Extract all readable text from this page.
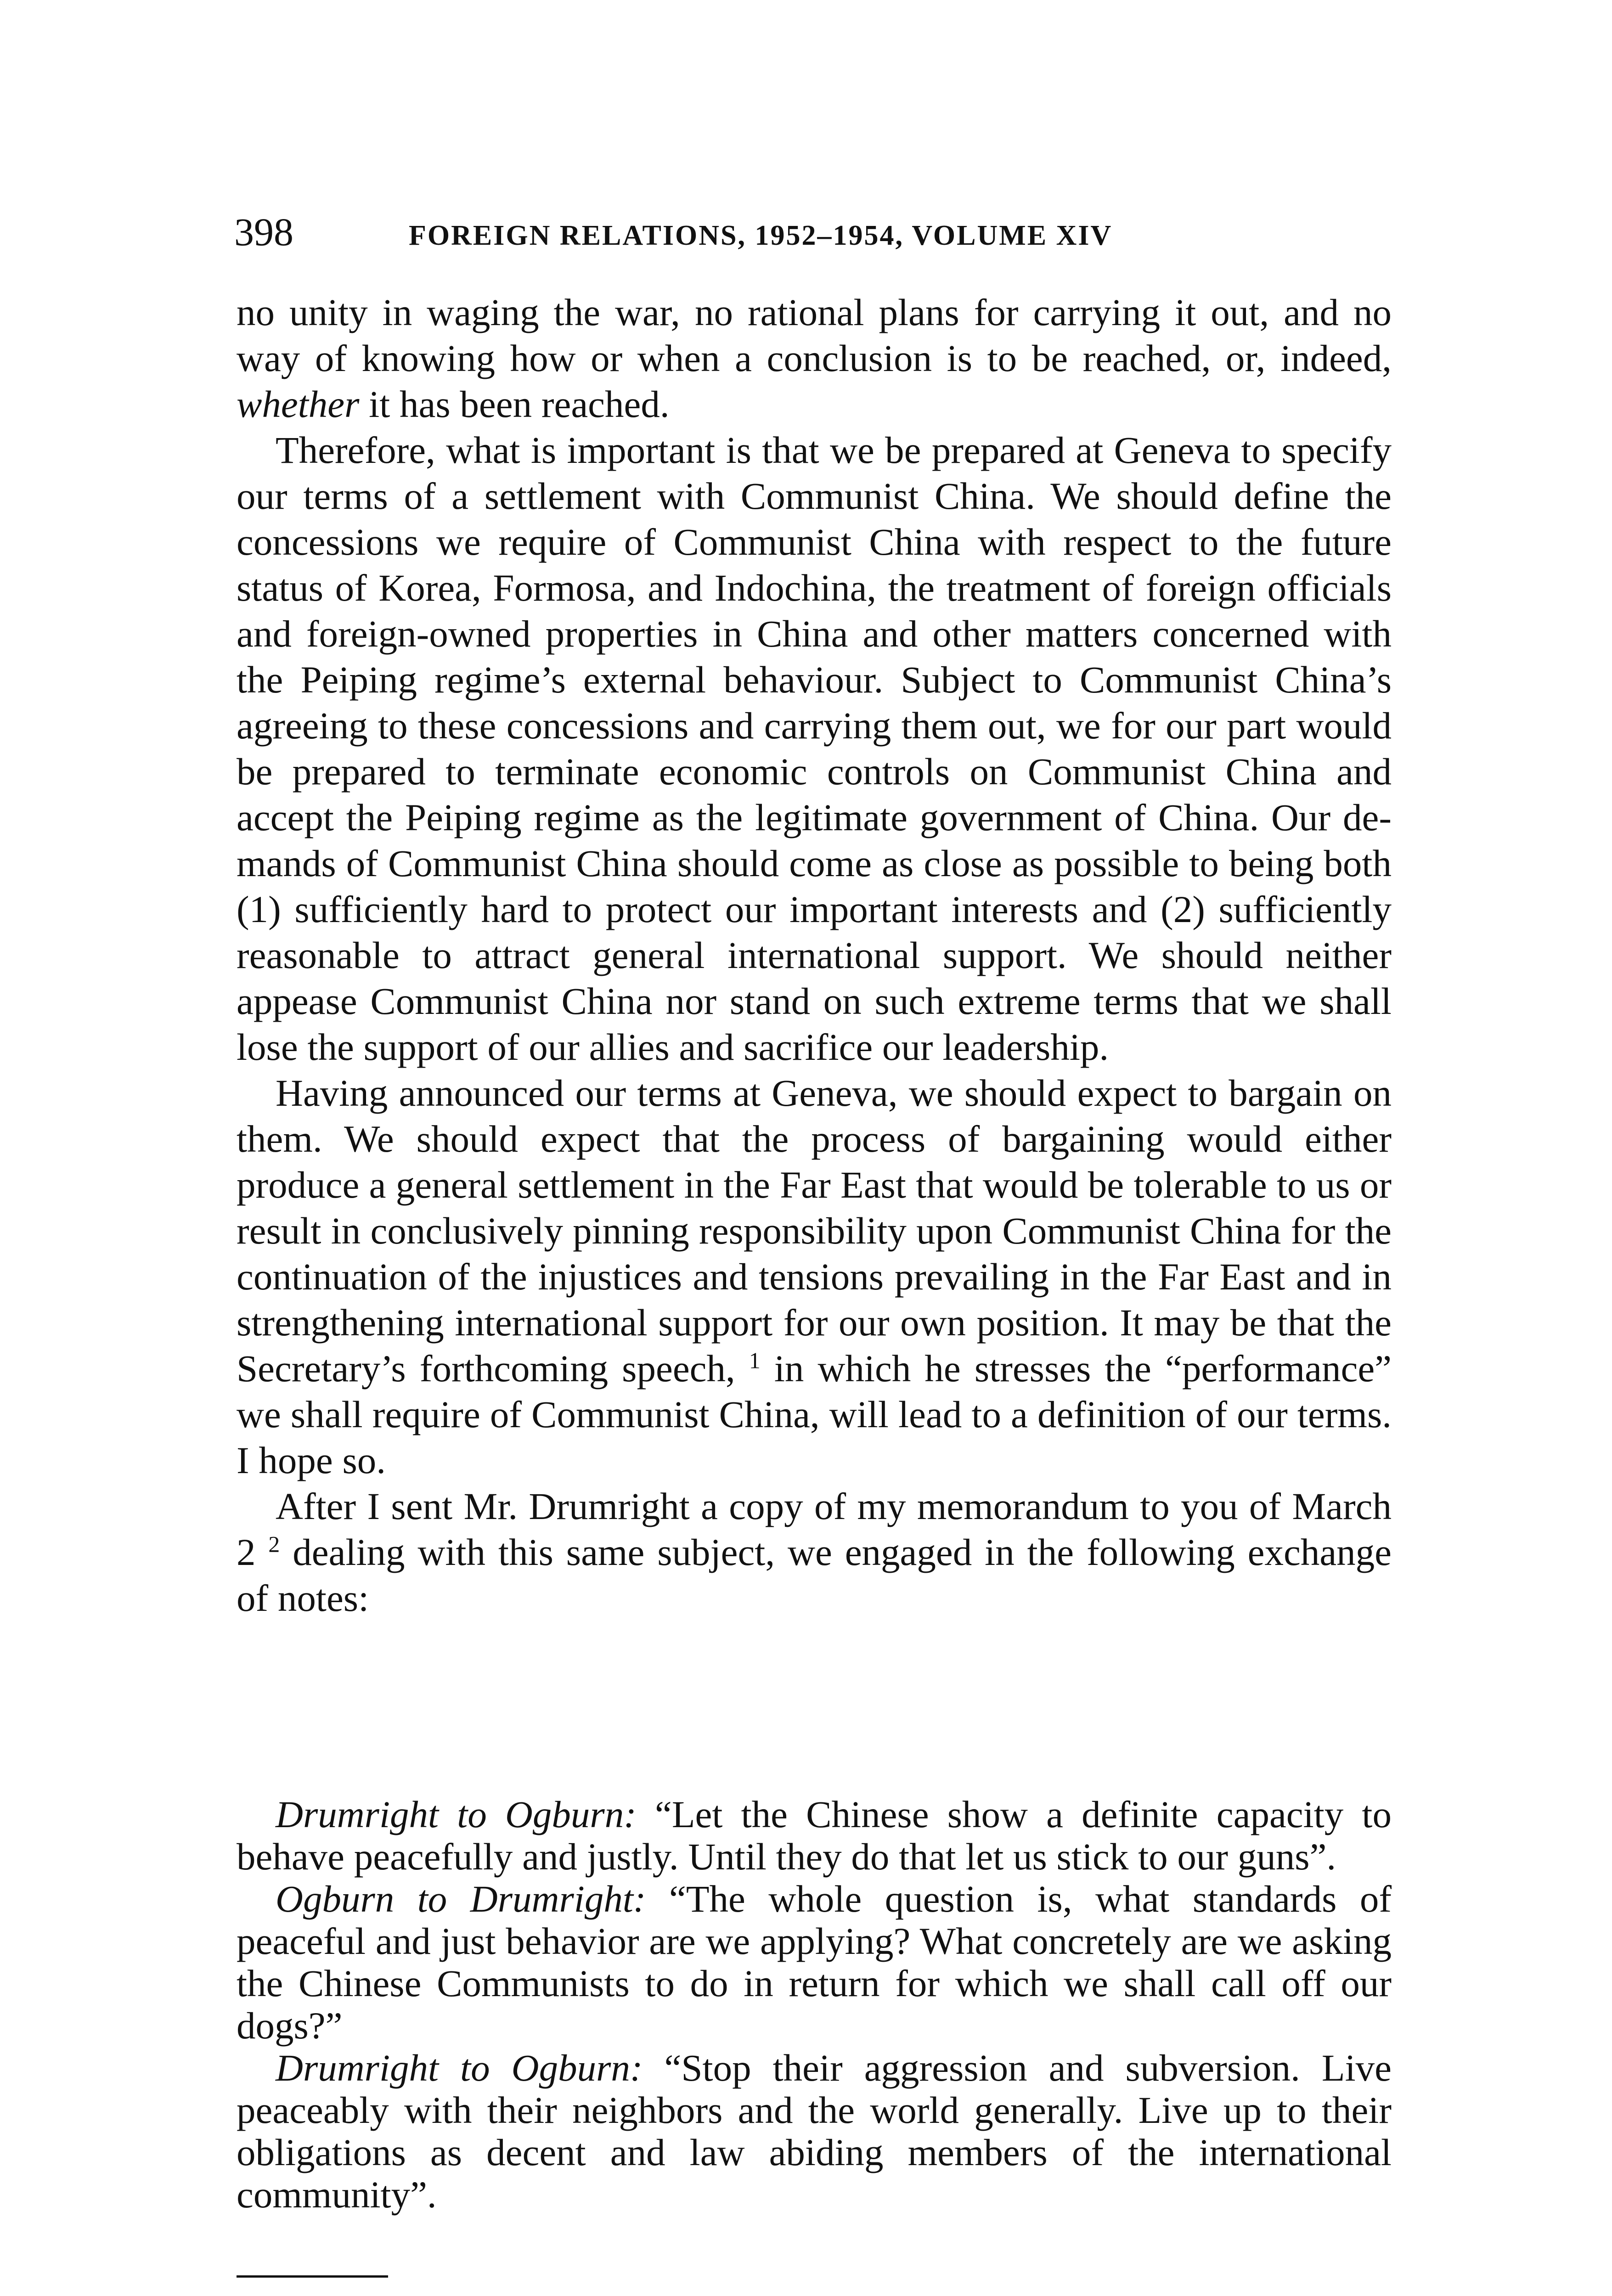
398	FOREIGN RELATIONS, 1952–1954, VOLUME XIV

no unity in waging the war, no rational plans for carrying it out, and no way of knowing how or when a conclusion is to be reached, or, indeed, whether it has been reached.

Therefore, what is important is that we be prepared at Geneva to specify our terms of a settlement with Communist China. We should define the concessions we require of Communist China with respect to the future status of Korea, Formosa, and Indochina, the treatment of foreign officials and foreign-owned properties in China and other matters concerned with the Peiping regime’s external behaviour. Subject to Communist China’s agreeing to these concessions and carrying them out, we for our part would be prepared to terminate economic controls on Communist China and accept the Peiping regime as the legitimate government of China. Our demands of Communist China should come as close as possible to being both (1) sufficiently hard to protect our important interests and (2) sufficiently reasonable to attract general international support. We should neither appease Communist China nor stand on such extreme terms that we shall lose the support of our allies and sacrifice our leadership.

Having announced our terms at Geneva, we should expect to bargain on them. We should expect that the process of bargaining would either produce a general settlement in the Far East that would be tolerable to us or result in conclusively pinning responsibility upon Communist China for the continuation of the injustices and tensions prevailing in the Far East and in strengthening international support for our own position. It may be that the Secretary’s forthcoming speech, $^1$ in which he stresses the “performance” we shall require of Communist China, will lead to a definition of our terms. I hope so.

After I sent Mr. Drumright a copy of my memorandum to you of March 2 $^2$ dealing with this same subject, we engaged in the following exchange of notes:

Drumright to Ogburn: “Let the Chinese show a definite capacity to behave peacefully and justly. Until they do that let us stick to our guns”.

Ogburn to Drumright: “The whole question is, what standards of peaceful and just behavior are we applying? What concretely are we asking the Chinese Communists to do in return for which we shall call off our dogs?”

Drumright to Ogburn: “Stop their aggression and subversion. Live peaceably with their neighbors and the world generally. Live up to their obligations as decent and law abiding members of the international community”.
